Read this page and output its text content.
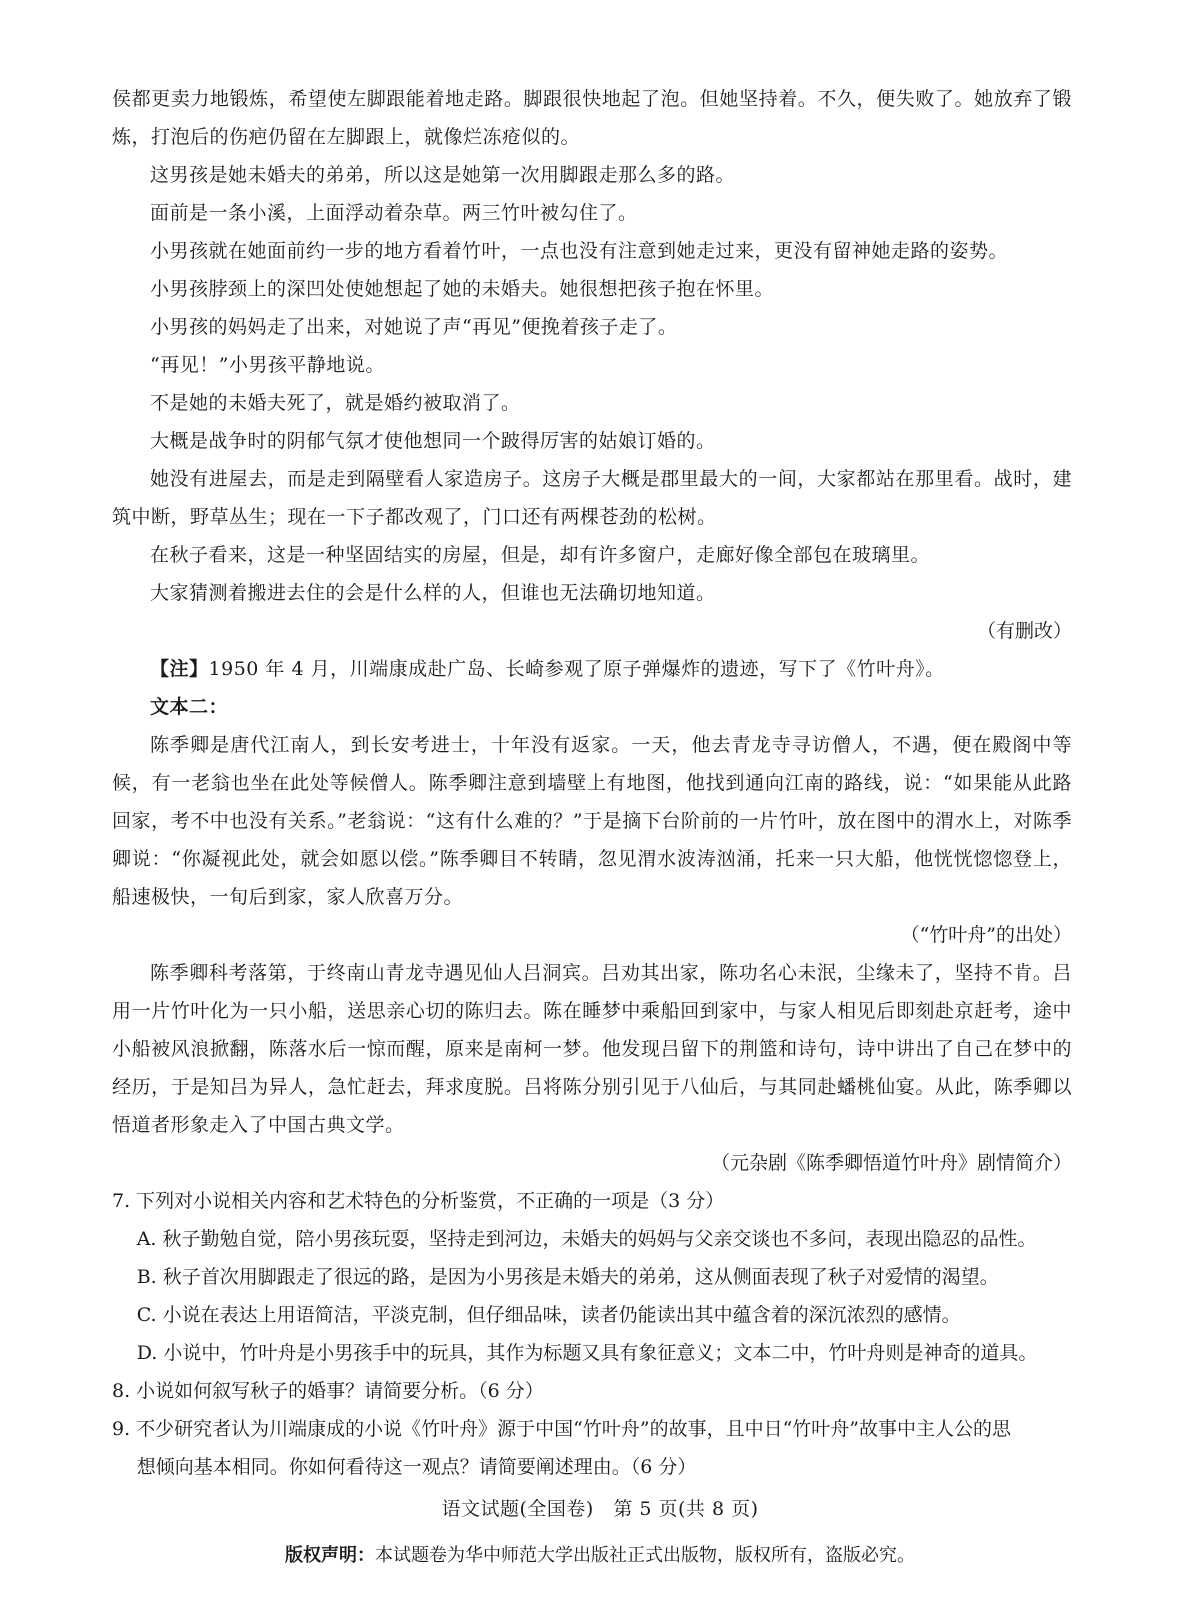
侯都更卖力地锻炼，希望使左脚跟能着地走路。脚跟很快地起了泡。但她坚持着。不久，便失败了。她放弃了锻炼，打泡后的伤疤仍留在左脚跟上，就像烂冻疮似的。

这男孩是她未婚夫的弟弟，所以这是她第一次用脚跟走那么多的路。

面前是一条小溪，上面浮动着杂草。两三竹叶被勾住了。

小男孩就在她面前约一步的地方看着竹叶，一点也没有注意到她走过来，更没有留神她走路的姿势。

小男孩脖颈上的深凹处使她想起了她的未婚夫。她很想把孩子抱在怀里。

小男孩的妈妈走了出来，对她说了声“再见”便挽着孩子走了。

“再见！”小男孩平静地说。

不是她的未婚夫死了，就是婚约被取消了。

大概是战争时的阴郁气氛才使他想同一个跛得厉害的姑娘订婚的。

她没有进屋去，而是走到隔壁看人家造房子。这房子大概是郡里最大的一间，大家都站在那里看。战时，建筑中断，野草丛生；现在一下子都改观了，门口还有两棵苍劲的松树。

在秋子看来，这是一种坚固结实的房屋，但是，却有许多窗户，走廊好像全部包在玻璃里。

大家猜测着搬进去住的会是什么样的人，但谁也无法确切地知道。

（有删改）

【注】1950 年 4 月，川端康成赴广岛、长崎参观了原子弹爆炸的遗迹，写下了《竹叶舟》。

文本二：

陈季卿是唐代江南人，到长安考进士，十年没有返家。一天，他去青龙寺寻访僧人，不遇，便在殿阁中等候，有一老翁也坐在此处等候僧人。陈季卿注意到墙壁上有地图，他找到通向江南的路线，说：“如果能从此路回家，考不中也没有关系。”老翁说：“这有什么难的？”于是摘下台阶前的一片竹叶，放在图中的渭水上，对陈季卿说：“你凝视此处，就会如愿以偿。”陈季卿目不转睛，忽见渭水波涛汹涌，托来一只大船，他恍恍惚惚登上，船速极快，一旬后到家，家人欣喜万分。

（“竹叶舟”的出处）

陈季卿科考落第，于终南山青龙寺遇见仙人吕洞宾。吕劝其出家，陈功名心未泯，尘缘未了，坚持不肯。吕用一片竹叶化为一只小船，送思亲心切的陈归去。陈在睡梦中乘船回到家中，与家人相见后即刻赴京赶考，途中小船被风浪掀翻，陈落水后一惊而醒，原来是南柯一梦。他发现吕留下的荆篮和诗句，诗中讲出了自己在梦中的经历，于是知吕为异人，急忙赶去，拜求度脱。吕将陈分别引见于八仙后，与其同赴蟠桃仙宴。从此，陈季卿以悟道者形象走入了中国古典文学。

（元杂剧《陈季卿悟道竹叶舟》剧情简介）

7. 下列对小说相关内容和艺术特色的分析鉴赏，不正确的一项是（3 分）

A. 秋子勤勉自觉，陪小男孩玩耍，坚持走到河边，未婚夫的妈妈与父亲交谈也不多问，表现出隐忍的品性。

B. 秋子首次用脚跟走了很远的路，是因为小男孩是未婚夫的弟弟，这从侧面表现了秋子对爱情的渴望。

C. 小说在表达上用语简洁，平淡克制，但仔细品味，读者仍能读出其中蕴含着的深沉浓烈的感情。

D. 小说中，竹叶舟是小男孩手中的玩具，其作为标题又具有象征意义；文本二中，竹叶舟则是神奇的道具。

8. 小说如何叙写秋子的婚事？请简要分析。（6 分）

9. 不少研究者认为川端康成的小说《竹叶舟》源于中国“竹叶舟”的故事，且中日“竹叶舟”故事中主人公的思

想倾向基本相同。你如何看待这一观点？请简要阐述理由。（6 分）

语文试题(全国卷)　第 5 页(共 8 页)
版权声明：本试题卷为华中师范大学出版社正式出版物，版权所有，盗版必究。
